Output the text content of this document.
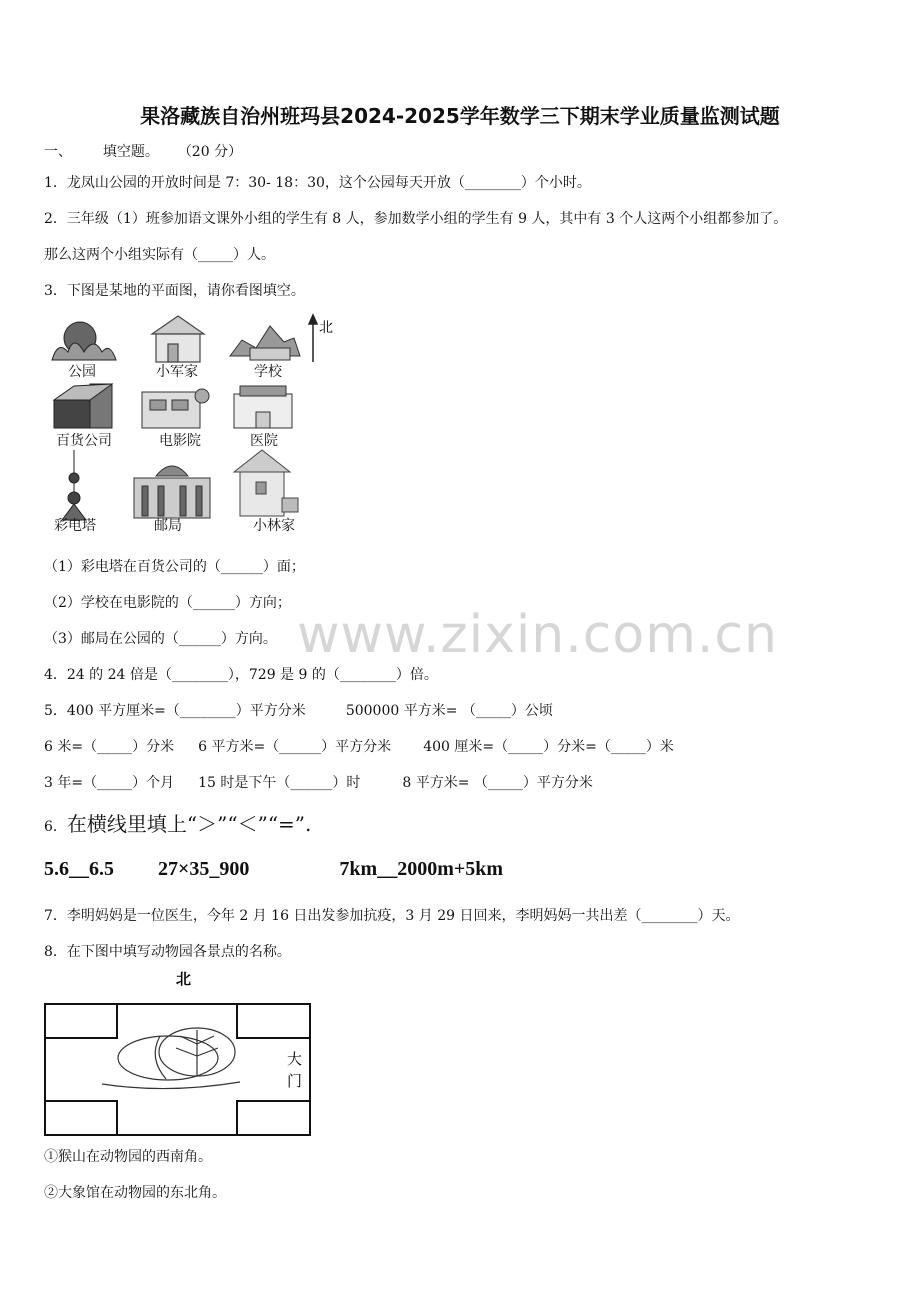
果洛藏族自治州班玛县2024-2025学年数学三下期末学业质量监测试题
一、 填空题。 （20 分）
1．龙凤山公园的开放时间是 7：30- 18：30，这个公园每天开放（________）个小时。
2．三年级（1）班参加语文课外小组的学生有 8 人，参加数学小组的学生有 9 人，其中有 3 个人这两个小组都参加了。
那么这两个小组实际有（_____）人。
3．下图是某地的平面图，请你看图填空。
北
公园	小军家	学校
百货公司	电影院	医院
彩电塔	邮局	小林家
（1）彩电塔在百货公司的（______）面；
（2）学校在电影院的（______）方向；
（3）邮局在公园的（______）方向。 www.zixin.com.cn
4．24 的 24 倍是（________），729 是 9 的（________）倍。
5．400 平方厘米=（________）平方分米	500000 平方米= （_____）公顷
6 米=（_____）分米 6 平方米=（______）平方分米 400 厘米=（_____）分米=（_____）米
3 年=（_____）个月 15 时是下午（______）时	8 平方米= （_____）平方分米
6．在横线里填上“＞”“＜”“=”.
5.6__6.5 27×35_900	7km__2000m+5km
7．李明妈妈是一位医生，今年 2 月 16 日出发参加抗疫，3 月 29 日回来，李明妈妈一共出差（________）天。
8．在下图中填写动物园各景点的名称。
北
大
门
①猴山在动物园的西南角。
②大象馆在动物园的东北角。
